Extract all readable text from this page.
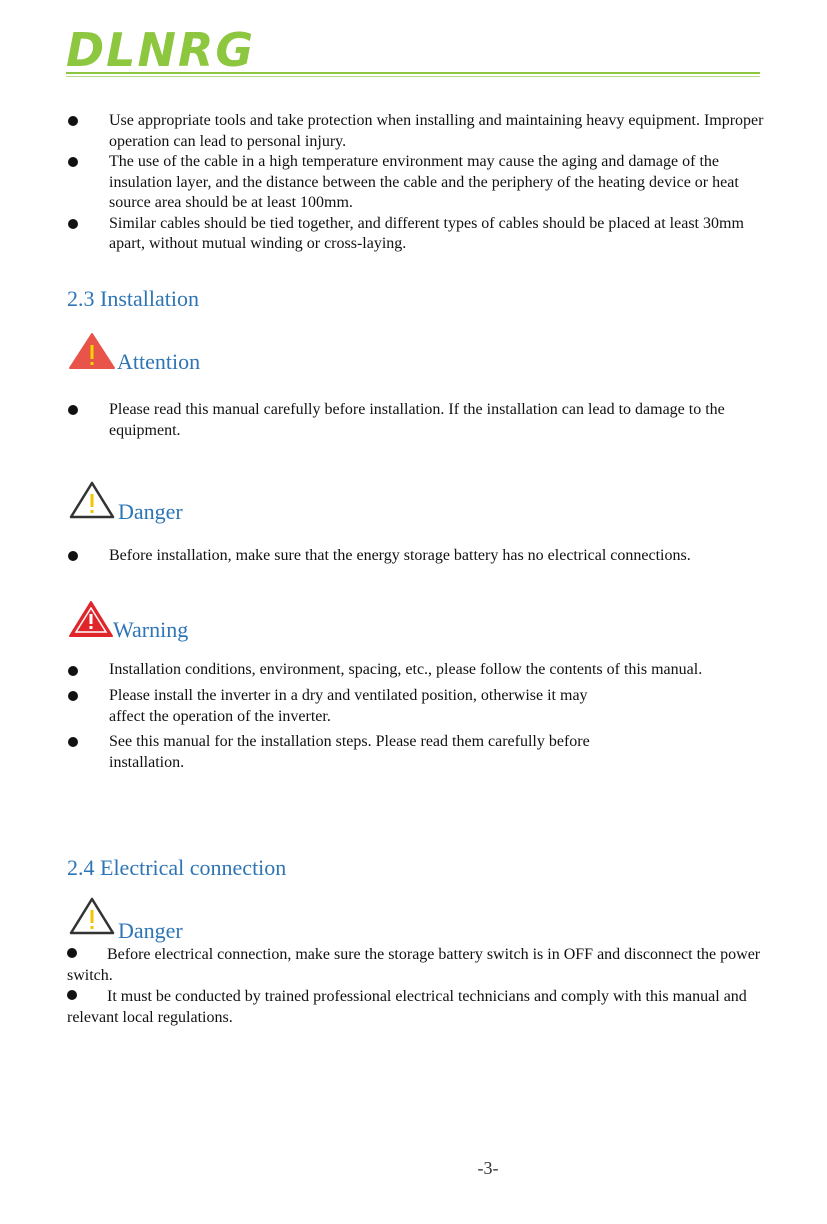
DLNRG
Use appropriate tools and take protection when installing and maintaining heavy equipment. Improper operation can lead to personal injury.
The use of the cable in a high temperature environment may cause the aging and damage of the insulation layer, and the distance between the cable and the periphery of the heating device or heat source area should be at least 100mm.
Similar cables should be tied together, and different types of cables should be placed at least 30mm apart, without mutual winding or cross-laying.
2.3 Installation
Attention
Please read this manual carefully before installation. If the installation can lead to damage to the equipment.
Danger
Before installation, make sure that the energy storage battery has no electrical connections.
Warning
Installation conditions, environment, spacing, etc., please follow the contents of this manual.
Please install the inverter in a dry and ventilated position, otherwise it may affect the operation of the inverter.
See this manual for the installation steps. Please read them carefully before installation.
2.4 Electrical connection
Danger
Before electrical connection, make sure the storage battery switch is in OFF and disconnect the power switch.
It must be conducted by trained professional electrical technicians and comply with this manual and relevant local regulations.
-3-
